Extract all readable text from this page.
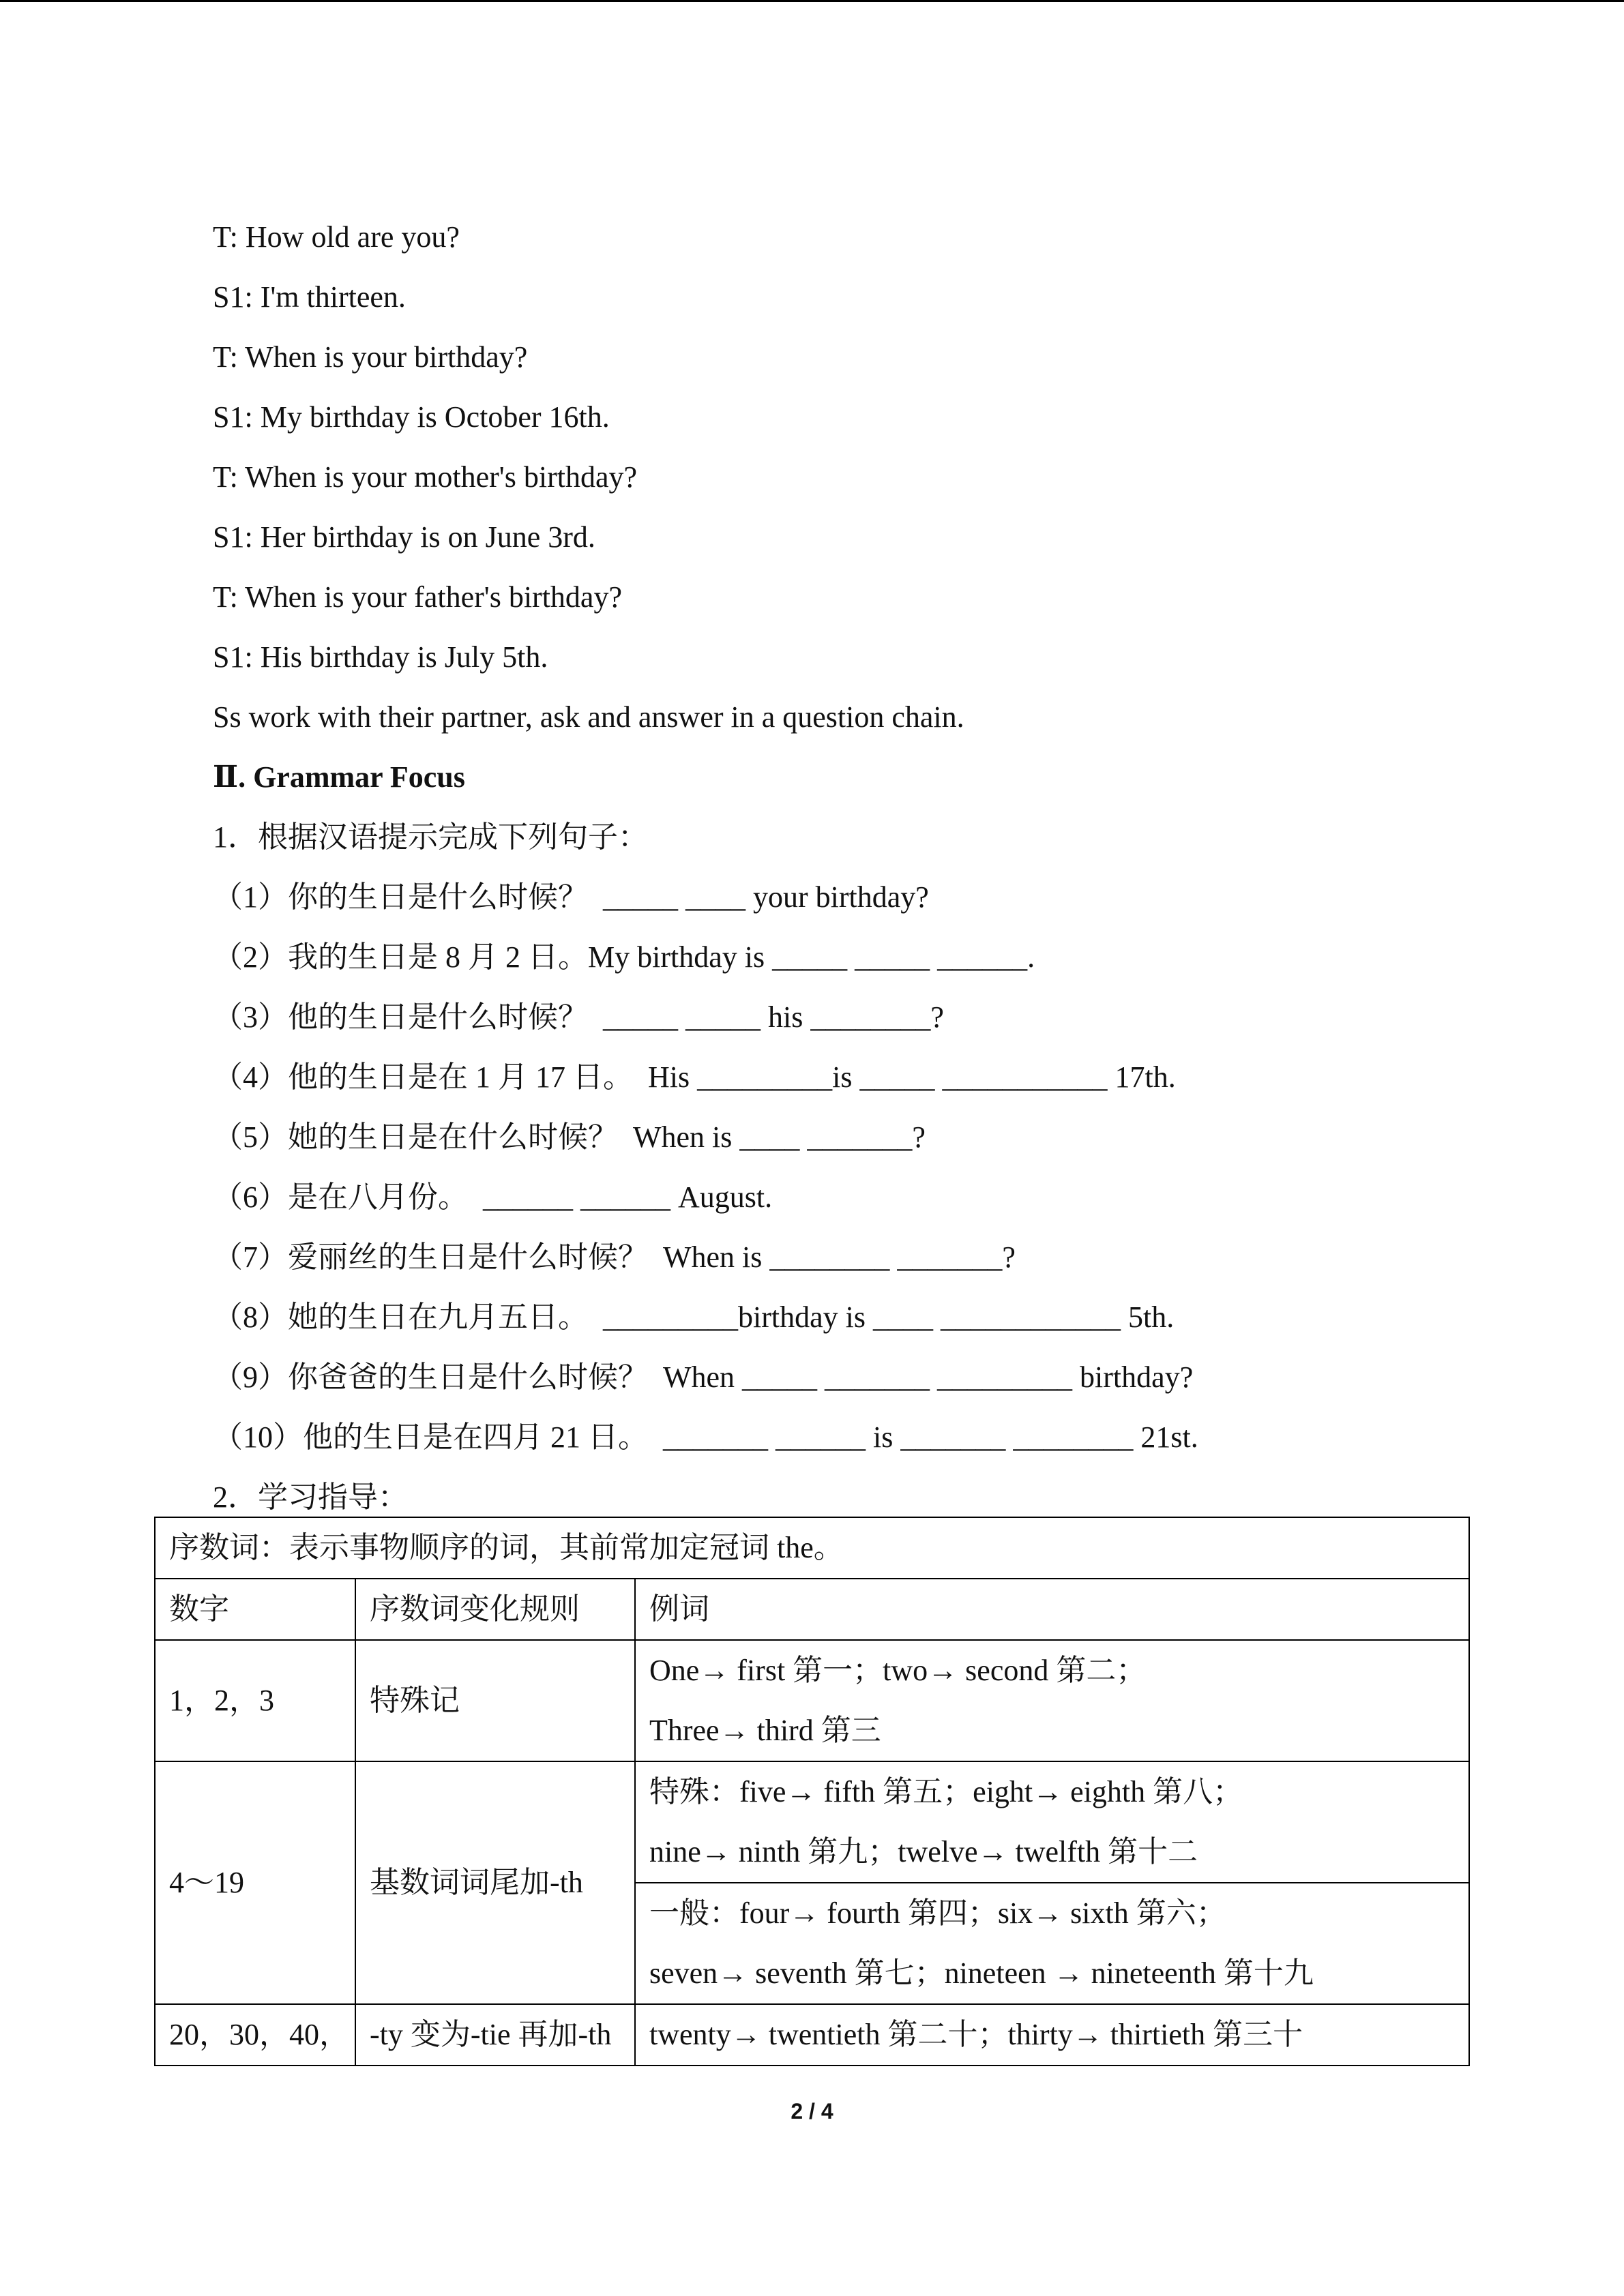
T: How old are you?
S1: I'm thirteen.
T: When is your birthday?
S1: My birthday is October 16th.
T: When is your mother's birthday?
S1: Her birthday is on June 3rd.
T: When is your father's birthday?
S1: His birthday is July 5th.
Ss work with their partner, ask and answer in a question chain.
Ⅱ. Grammar Focus
1．根据汉语提示完成下列句子：
（1）你的生日是什么时候？  _____ ____ your birthday?
（2）我的生日是 8 月 2 日。My birthday is _____ _____ ______.
（3）他的生日是什么时候？  _____ _____ his ________?
（4）他的生日是在 1 月 17 日。  His _________is _____ ___________ 17th.
（5）她的生日是在什么时候？  When is ____ _______?
（6）是在八月份。  ______ ______ August.
（7）爱丽丝的生日是什么时候？  When is ________ _______?
（8）她的生日在九月五日。  _________birthday is ____ ____________ 5th.
（9）你爸爸的生日是什么时候？  When _____ _______ _________ birthday?
（10）他的生日是在四月 21 日。  _______ ______ is _______ ________ 21st.
2．学习指导：
序数词：表示事物顺序的词，其前常加定冠词 the。		
数字	序数词变化规则	例词
1，2，3	特殊记	One→ first 第一；two→ second 第二；
Three→ third 第三

4～19	基数词词尾加-th	特殊：five→ fifth 第五；eight→ eighth 第八；
nine→ ninth 第九；twelve→ twelfth 第十二

		一般：four→ fourth 第四；six→ sixth 第六；
seven→ seventh 第七；nineteen → nineteenth 第十九

20，30，40，	-ty 变为-tie 再加-th	twenty→ twentieth 第二十；thirty→ thirtieth 第三十
2 / 4
